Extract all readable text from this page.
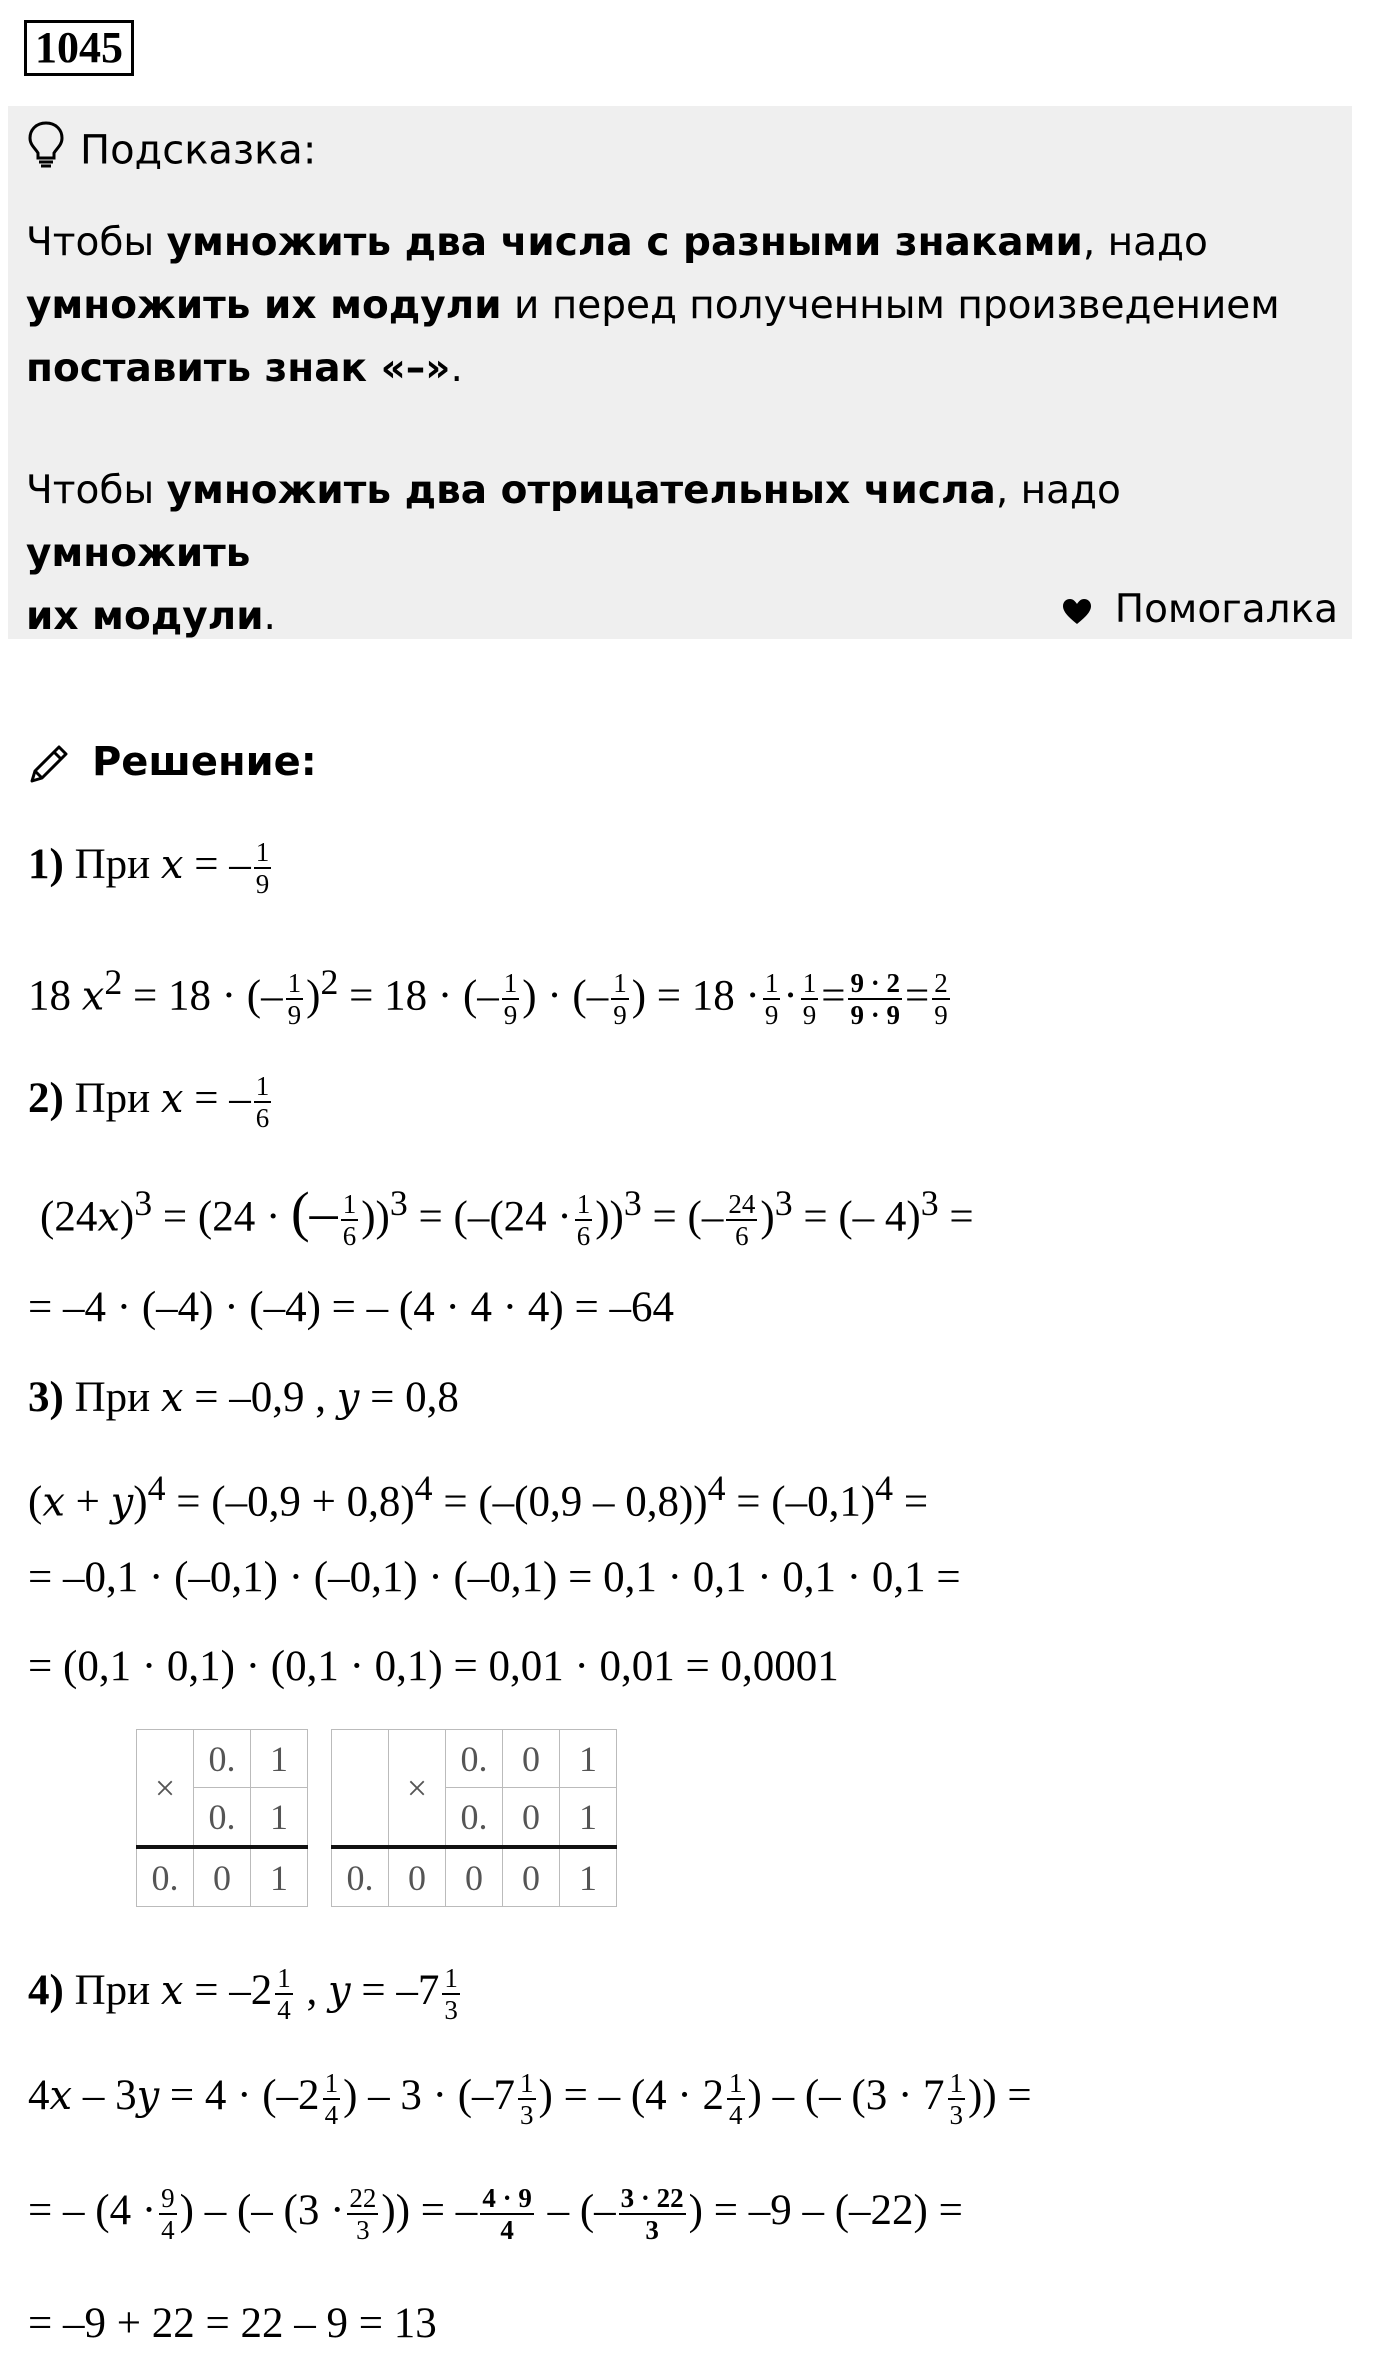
1045
Подсказка:
Чтобы умножить два числа с разными знаками, надо
умножить их модули и перед полученным произведением
поставить знак «–».
Чтобы умножить два отрицательных числа, надо умножить
их модули.	Помогалка
Решение:
1) При x = – $\frac{1}{9}$
18 $x^2 = 18$ · (– $\frac{1}{9} )^2 = 18$ · (– $\frac{1}{9}$ ) · (– $\frac{1}{9}$ ) = $18 \cdot \frac{1}{9} \cdot \frac{1}{9} = \frac{9 \cdot 2}{9 \cdot 9} = \frac{2}{9}$
2) При x = – $\frac{1}{6}$
$(24x)^3 = (24$ · (– $\frac{1}{6} ))^3 = (-(24 \cdot \frac{1}{6} ))^3$ = (– $\frac{24}{6} )^3$ = (– 4)$^3$ =
= –4 · (–4) · (–4) = – (4 · 4 · 4) = –64
3) При x = –0,9 , y = 0,8
$(x + y)^4 = (-0,9 + 0,8)^4 = (-(0,9 - 0,8))^4 = (-0,1)^4$ =
= –0,1 · (–0,1) · (–0,1) · (–0,1) = 0,1 · 0,1 · 0,1 · 0,1 =
= (0,1 · 0,1) · (0,1 · 0,1) = 0,01 · 0,01 = 0,0001
×	0.	1
	0.	1
0.	0	1
	×	0.	0	1
		0.	0	1
0.	0	0	0	1
4) При $x = -2 \frac{1}{4}$ , $y = -7 \frac{1}{3}$
$4x - 3y = 4 \cdot (-2 \frac{1}{4}$ ) – $3 \cdot (-7 \frac{1}{3}$ ) = – ($4 \cdot 2 \frac{1}{4}$ ) – (– ($3 \cdot 7 \frac{1}{3}$ )) =
= – ($4 \cdot \frac{9}{4}$ ) – (– ($3 \cdot \frac{22}{3}$ )) = – $\frac{4 \cdot 9}{4}$ – (– $\frac{3 \cdot 22}{3}$ ) = –9 – (–22) =
= –9 + 22 = 22 – 9 = 13
